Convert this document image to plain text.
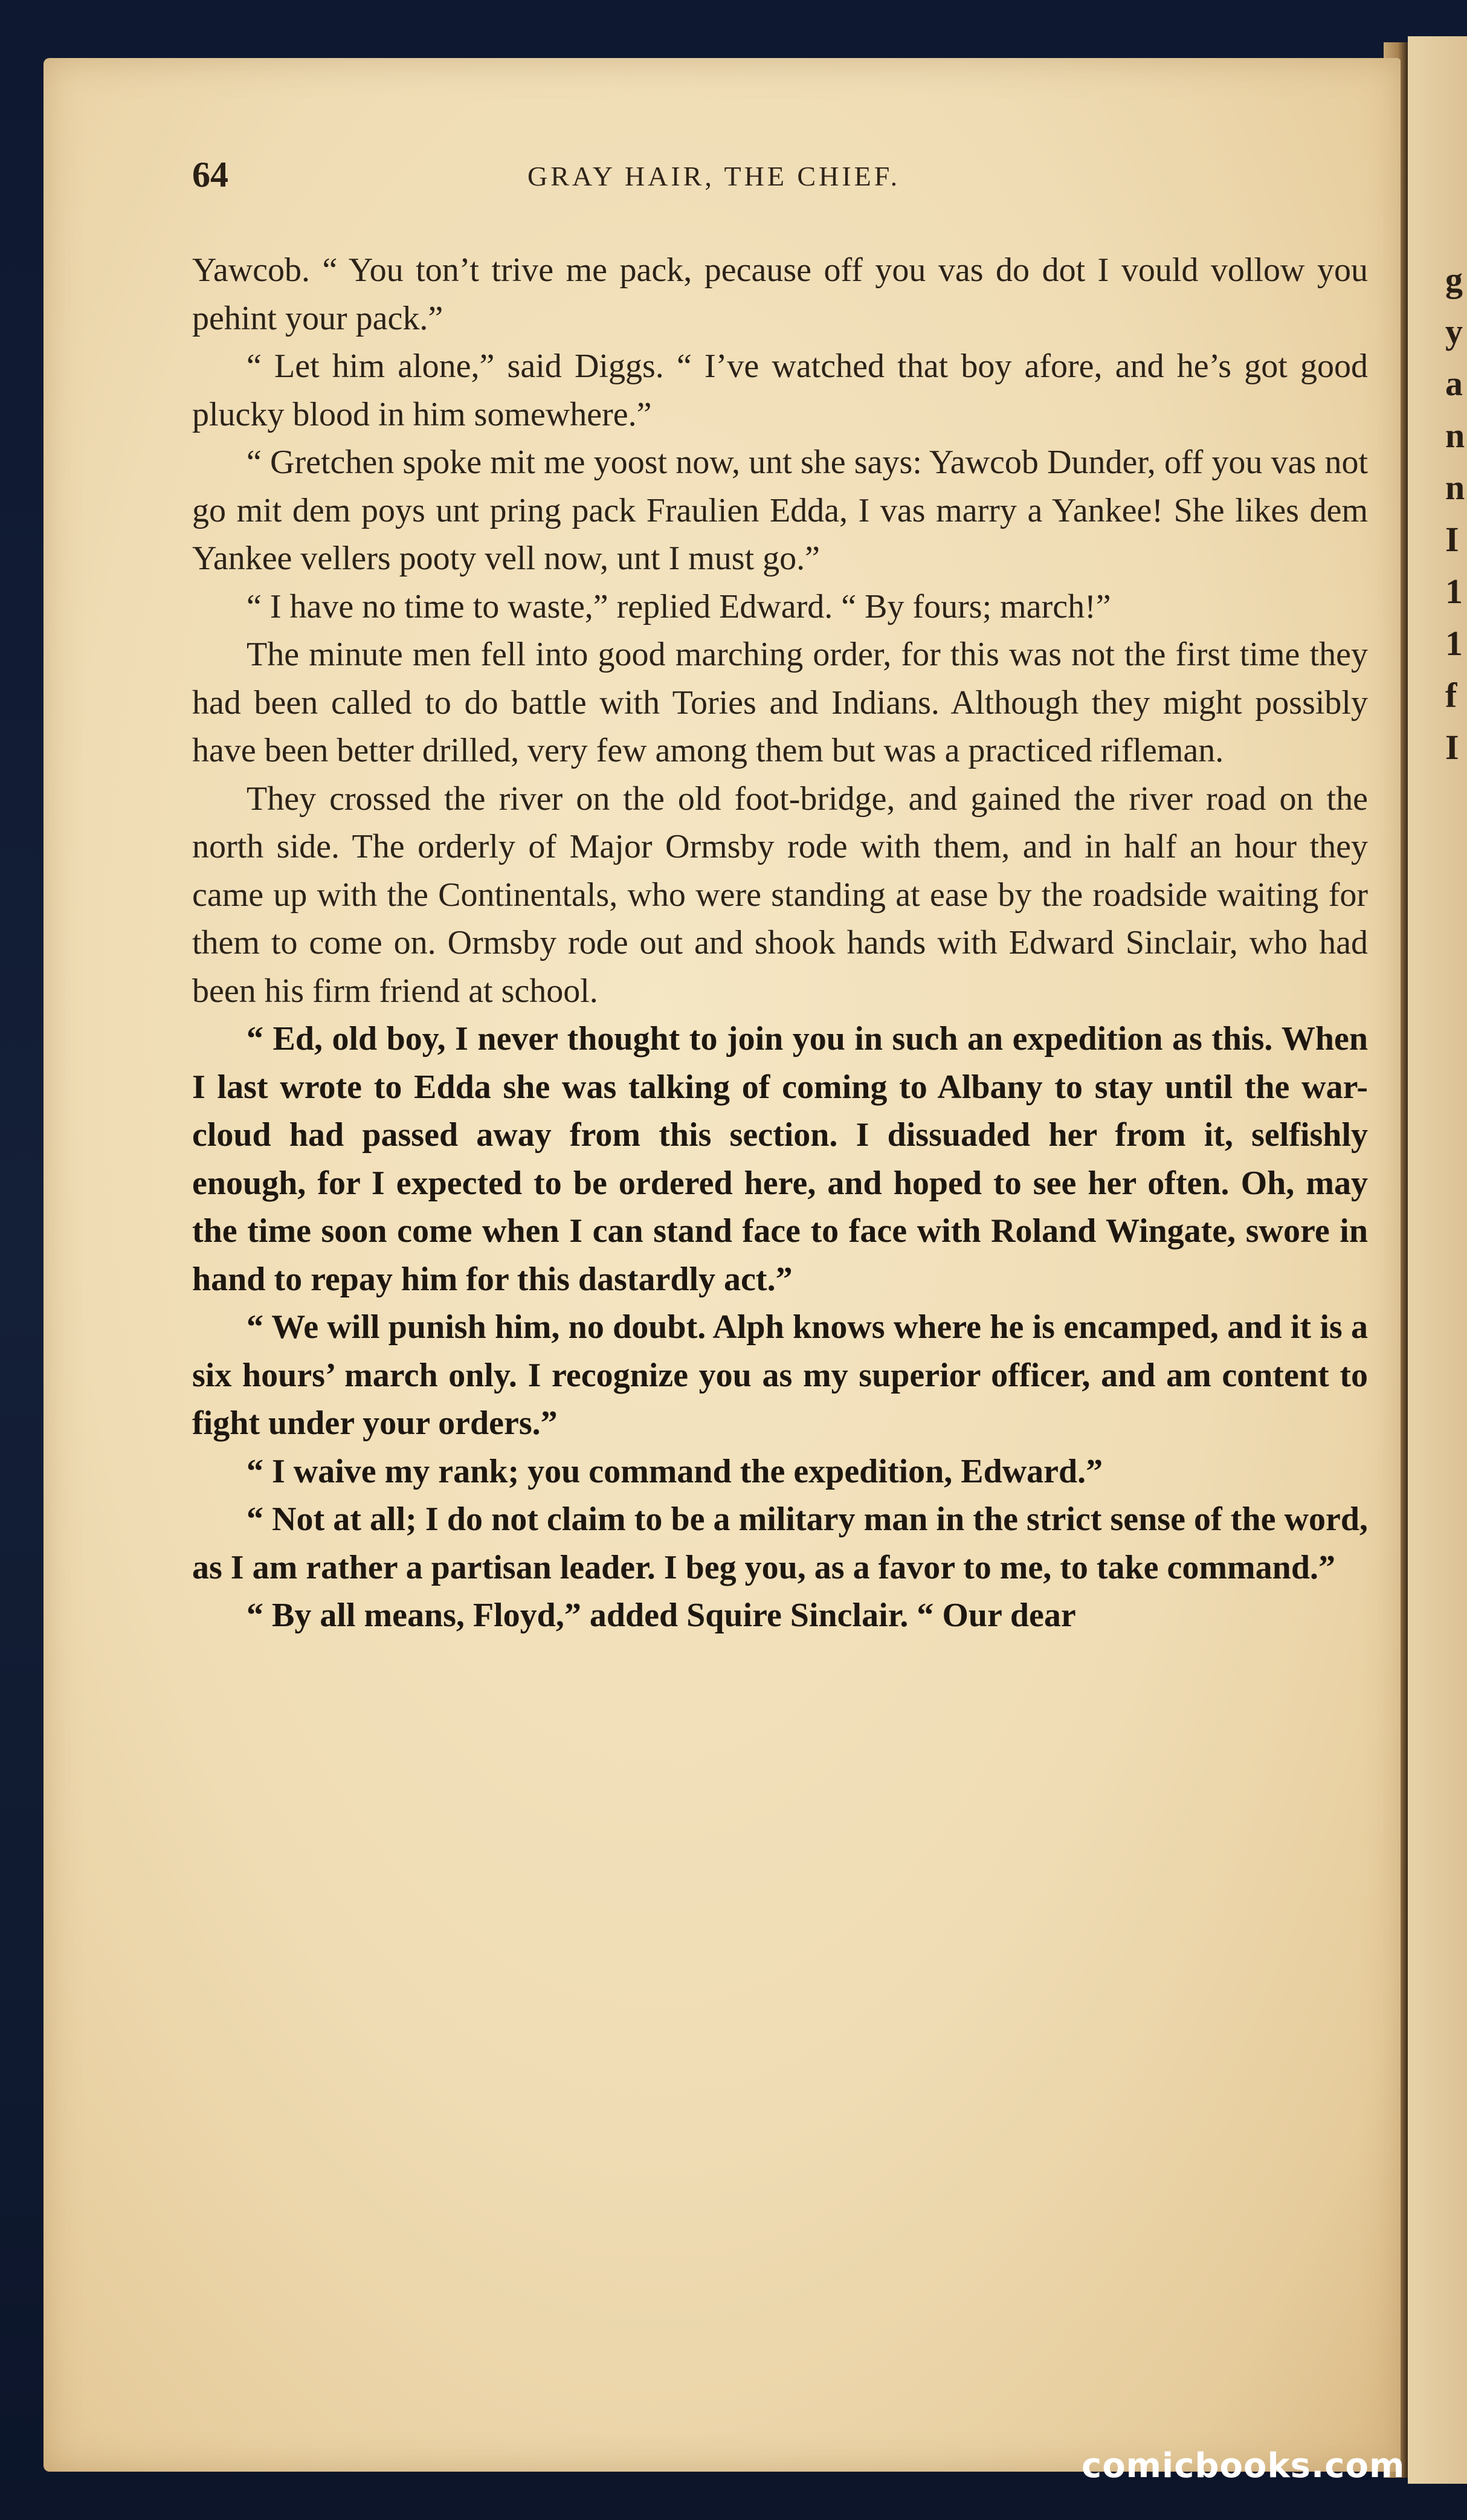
64	GRAY HAIR, THE CHIEF.

Yawcob. “ You ton’t trive me pack, pecause off you vas do dot I vould vollow you pehint your pack.”

“ Let him alone,” said Diggs. “ I’ve watched that boy afore, and he’s got good plucky blood in him somewhere.”

“ Gretchen spoke mit me yoost now, unt she says: Yawcob Dunder, off you vas not go mit dem poys unt pring pack Fraulien Edda, I vas marry a Yankee! She likes dem Yankee vellers pooty vell now, unt I must go.”

“ I have no time to waste,” replied Edward. “ By fours; march!”

The minute men fell into good marching order, for this was not the first time they had been called to do battle with Tories and Indians. Although they might possibly have been better drilled, very few among them but was a practiced rifleman.

They crossed the river on the old foot-bridge, and gained the river road on the north side. The orderly of Major Ormsby rode with them, and in half an hour they came up with the Continentals, who were standing at ease by the roadside waiting for them to come on. Ormsby rode out and shook hands with Edward Sinclair, who had been his firm friend at school.

“ Ed, old boy, I never thought to join you in such an expedition as this. When I last wrote to Edda she was talking of coming to Albany to stay until the war-cloud had passed away from this section. I dissuaded her from it, selfishly enough, for I expected to be ordered here, and hoped to see her often. Oh, may the time soon come when I can stand face to face with Roland Wingate, swore in hand to repay him for this dastardly act.”

“ We will punish him, no doubt. Alph knows where he is encamped, and it is a six hours’ march only. I recognize you as my superior officer, and am content to fight under your orders.”

“ I waive my rank; you command the expedition, Edward.”

“ Not at all; I do not claim to be a military man in the strict sense of the word, as I am rather a partisan leader. I beg you, as a favor to me, to take command.”

“ By all means, Floyd,” added Squire Sinclair. “ Our dear

g
y
a
n
n
I
1
1
f
I
comicbooks.com
